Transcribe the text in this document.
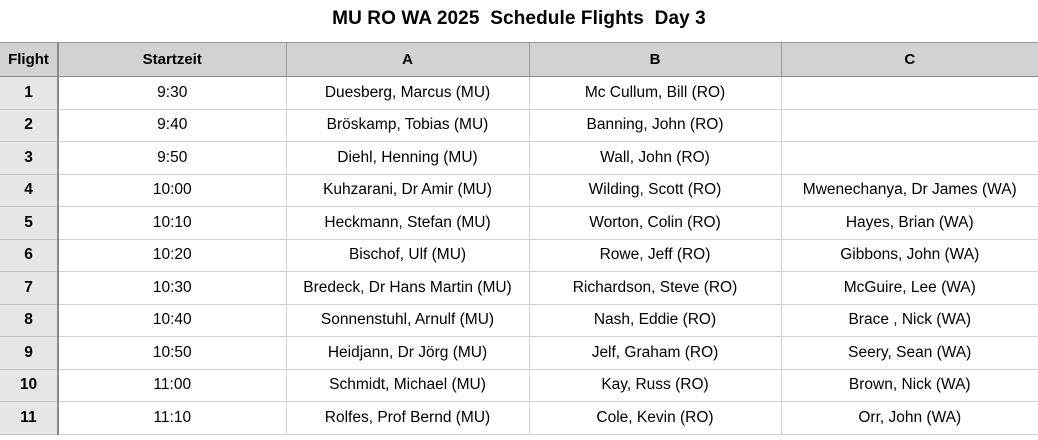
MU RO WA 2025  Schedule Flights  Day 3
Flight	Startzeit	A	B	C
1	9:30	Duesberg, Marcus (MU)	Mc Cullum, Bill (RO)	
2	9:40	Bröskamp, Tobias (MU)	Banning, John (RO)	
3	9:50	Diehl, Henning (MU)	Wall, John (RO)	
4	10:00	Kuhzarani, Dr Amir (MU)	Wilding, Scott (RO)	Mwenechanya, Dr James (WA)
5	10:10	Heckmann, Stefan (MU)	Worton, Colin (RO)	Hayes, Brian (WA)
6	10:20	Bischof, Ulf (MU)	Rowe, Jeff (RO)	Gibbons, John (WA)
7	10:30	Bredeck, Dr Hans Martin (MU)	Richardson, Steve (RO)	McGuire, Lee (WA)
8	10:40	Sonnenstuhl, Arnulf (MU)	Nash, Eddie (RO)	Brace , Nick (WA)
9	10:50	Heidjann, Dr Jörg (MU)	Jelf, Graham (RO)	Seery, Sean (WA)
10	11:00	Schmidt, Michael (MU)	Kay, Russ (RO)	Brown, Nick (WA)
11	11:10	Rolfes, Prof Bernd (MU)	Cole, Kevin (RO)	Orr, John (WA)
